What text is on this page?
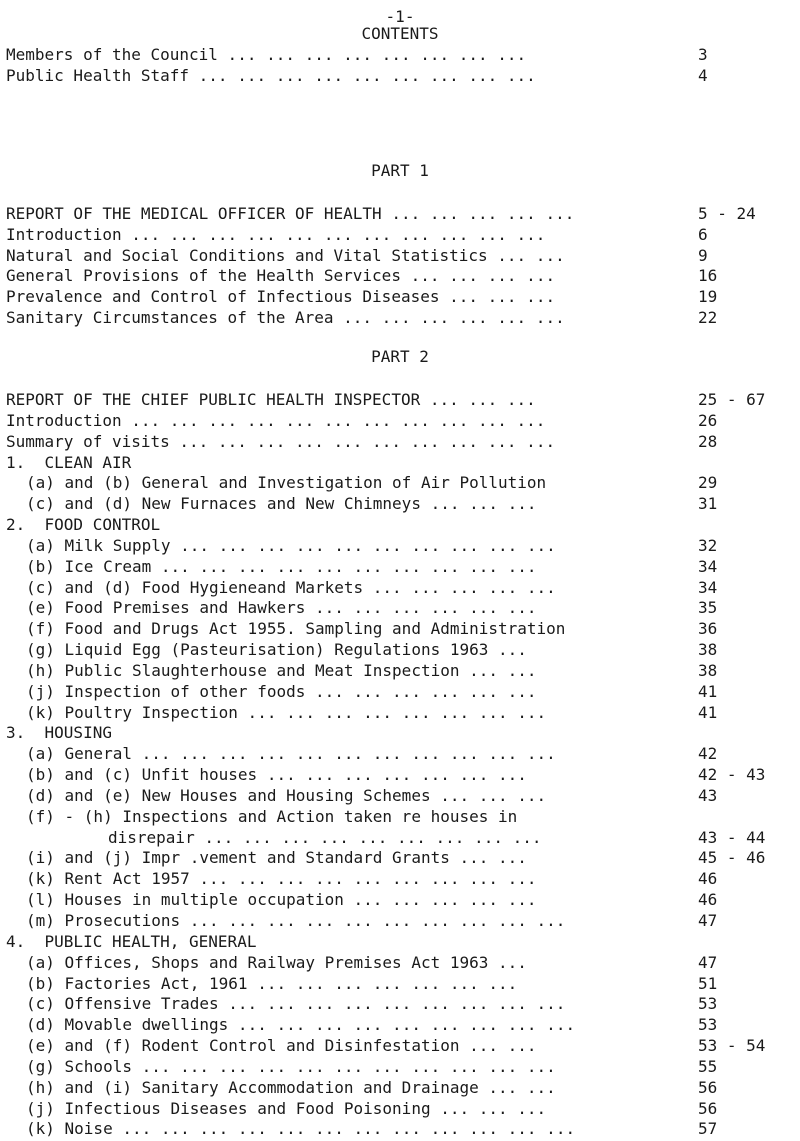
-1-
CONTENTS
Members of the Council ... ... ... ... ... ... ... ...	3
Public Health Staff ... ... ... ... ... ... ... ... ...	4
PART 1
REPORT OF THE MEDICAL OFFICER OF HEALTH ... ... ... ... ...	5 - 24
Introduction ... ... ... ... ... ... ... ... ... ... ...	6
Natural and Social Conditions and Vital Statistics ... ...	9
General Provisions of the Health Services ... ... ... ...	16
Prevalence and Control of Infectious Diseases ... ... ...	19
Sanitary Circumstances of the Area ... ... ... ... ... ...	22
PART 2
REPORT OF THE CHIEF PUBLIC HEALTH INSPECTOR ... ... ...	25 - 67
Introduction ... ... ... ... ... ... ... ... ... ... ...	26
Summary of visits ... ... ... ... ... ... ... ... ... ...	28
1.  CLEAN AIR
(a) and (b) General and Investigation of Air Pollution	29
(c) and (d) New Furnaces and New Chimneys ... ... ...	31
2.  FOOD CONTROL
(a) Milk Supply ... ... ... ... ... ... ... ... ... ...	32
(b) Ice Cream ... ... ... ... ... ... ... ... ... ...	34
(c) and (d) Food Hygieneand Markets ... ... ... ... ...	34
(e) Food Premises and Hawkers ... ... ... ... ... ...	35
(f) Food and Drugs Act 1955. Sampling and Administration	36
(g) Liquid Egg (Pasteurisation) Regulations 1963 ...	38
(h) Public Slaughterhouse and Meat Inspection ... ...	38
(j) Inspection of other foods ... ... ... ... ... ...	41
(k) Poultry Inspection ... ... ... ... ... ... ... ...	41
3.  HOUSING
(a) General ... ... ... ... ... ... ... ... ... ... ...	42
(b) and (c) Unfit houses ... ... ... ... ... ... ...	42 - 43
(d) and (e) New Houses and Housing Schemes ... ... ...	43
(f) - (h) Inspections and Action taken re houses in
disrepair ... ... ... ... ... ... ... ... ...	43 - 44
(i) and (j) Impr .vement and Standard Grants ... ...	45 - 46
(k) Rent Act 1957 ... ... ... ... ... ... ... ... ...	46
(l) Houses in multiple occupation ... ... ... ... ...	46
(m) Prosecutions ... ... ... ... ... ... ... ... ... ...	47
4.  PUBLIC HEALTH, GENERAL
(a) Offices, Shops and Railway Premises Act 1963 ...	47
(b) Factories Act, 1961 ... ... ... ... ... ... ...	51
(c) Offensive Trades ... ... ... ... ... ... ... ... ...	53
(d) Movable dwellings ... ... ... ... ... ... ... ... ...	53
(e) and (f) Rodent Control and Disinfestation ... ...	53 - 54
(g) Schools ... ... ... ... ... ... ... ... ... ... ...	55
(h) and (i) Sanitary Accommodation and Drainage ... ...	56
(j) Infectious Diseases and Food Poisoning ... ... ...	56
(k) Noise ... ... ... ... ... ... ... ... ... ... ... ...	57
